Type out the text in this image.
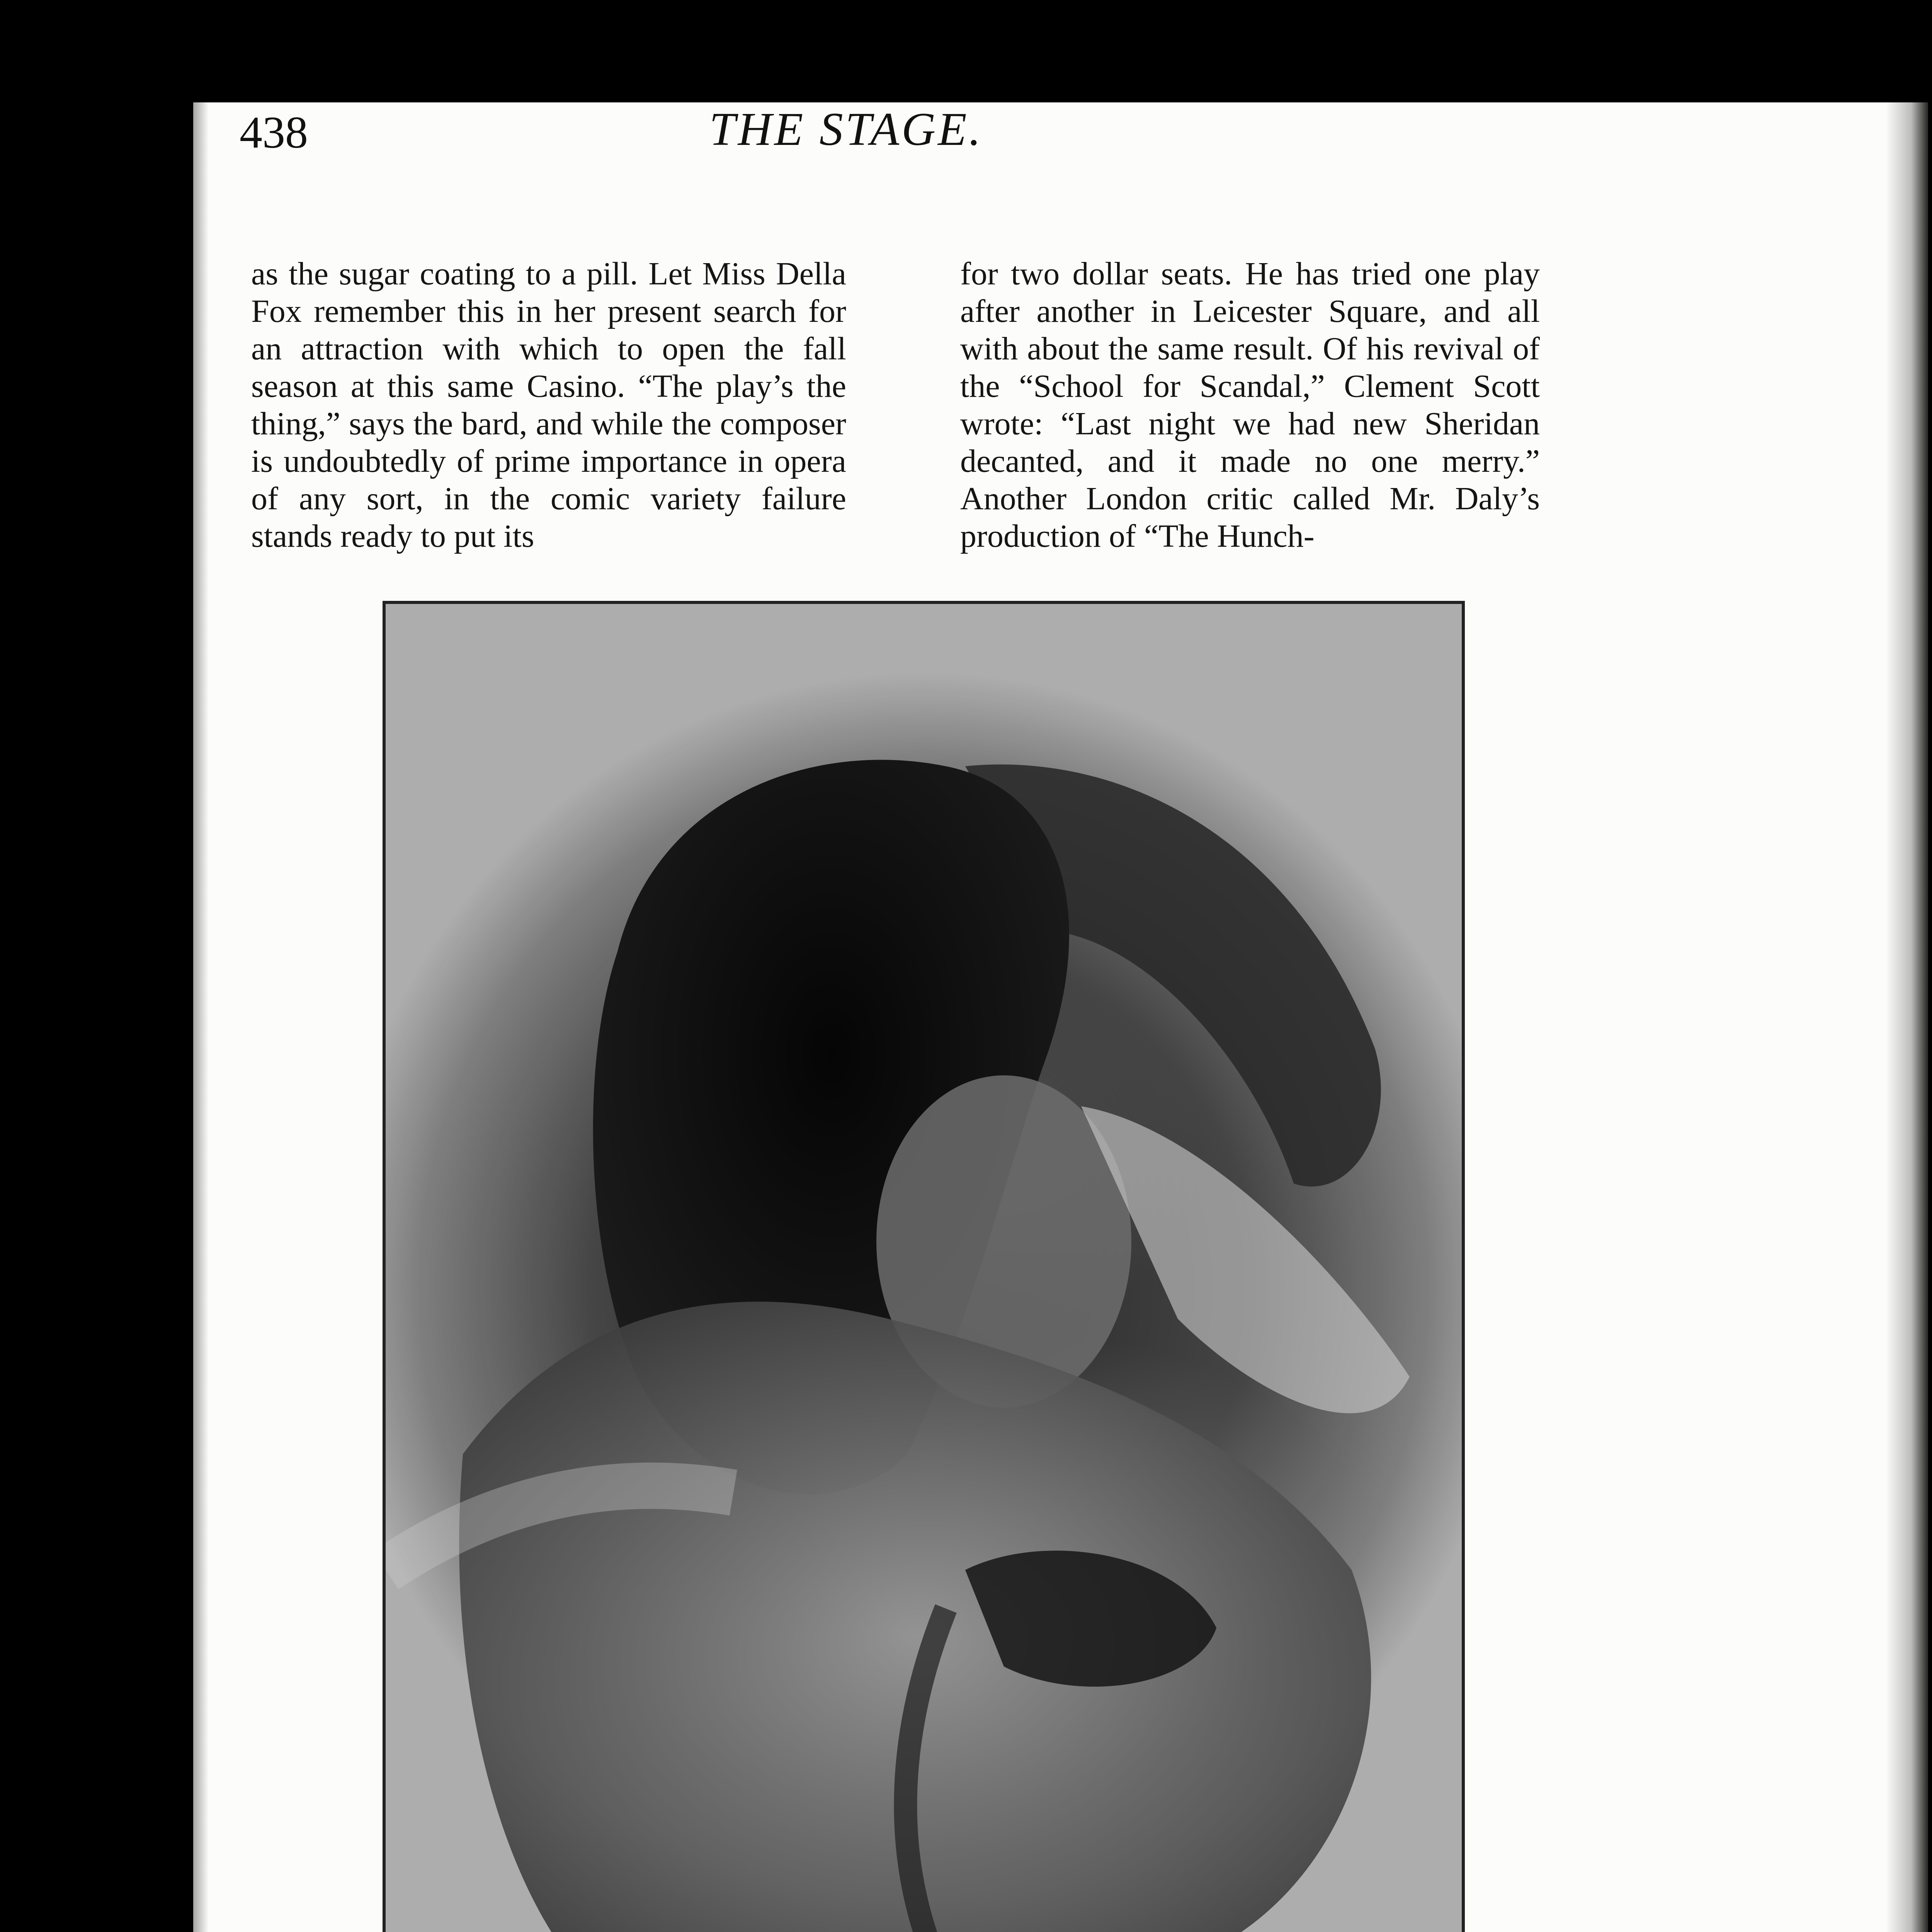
438	THE STAGE.

as the sugar coating to a pill. Let Miss Della Fox remember this in her present search for an attraction with which to open the fall season at this same Casino. “The play’s the thing,” says the bard, and while the composer is undoubtedly of prime importance in opera of any sort, in the comic variety failure stands ready to put its

for two dollar seats. He has tried one play after another in Leicester Square, and all with about the same result. Of his revival of the “School for Scandal,” Clement Scott wrote: “Last night we had new Sheridan decanted, and it made no one merry.” Another London critic called Mr. Daly’s production of “The Hunch-
